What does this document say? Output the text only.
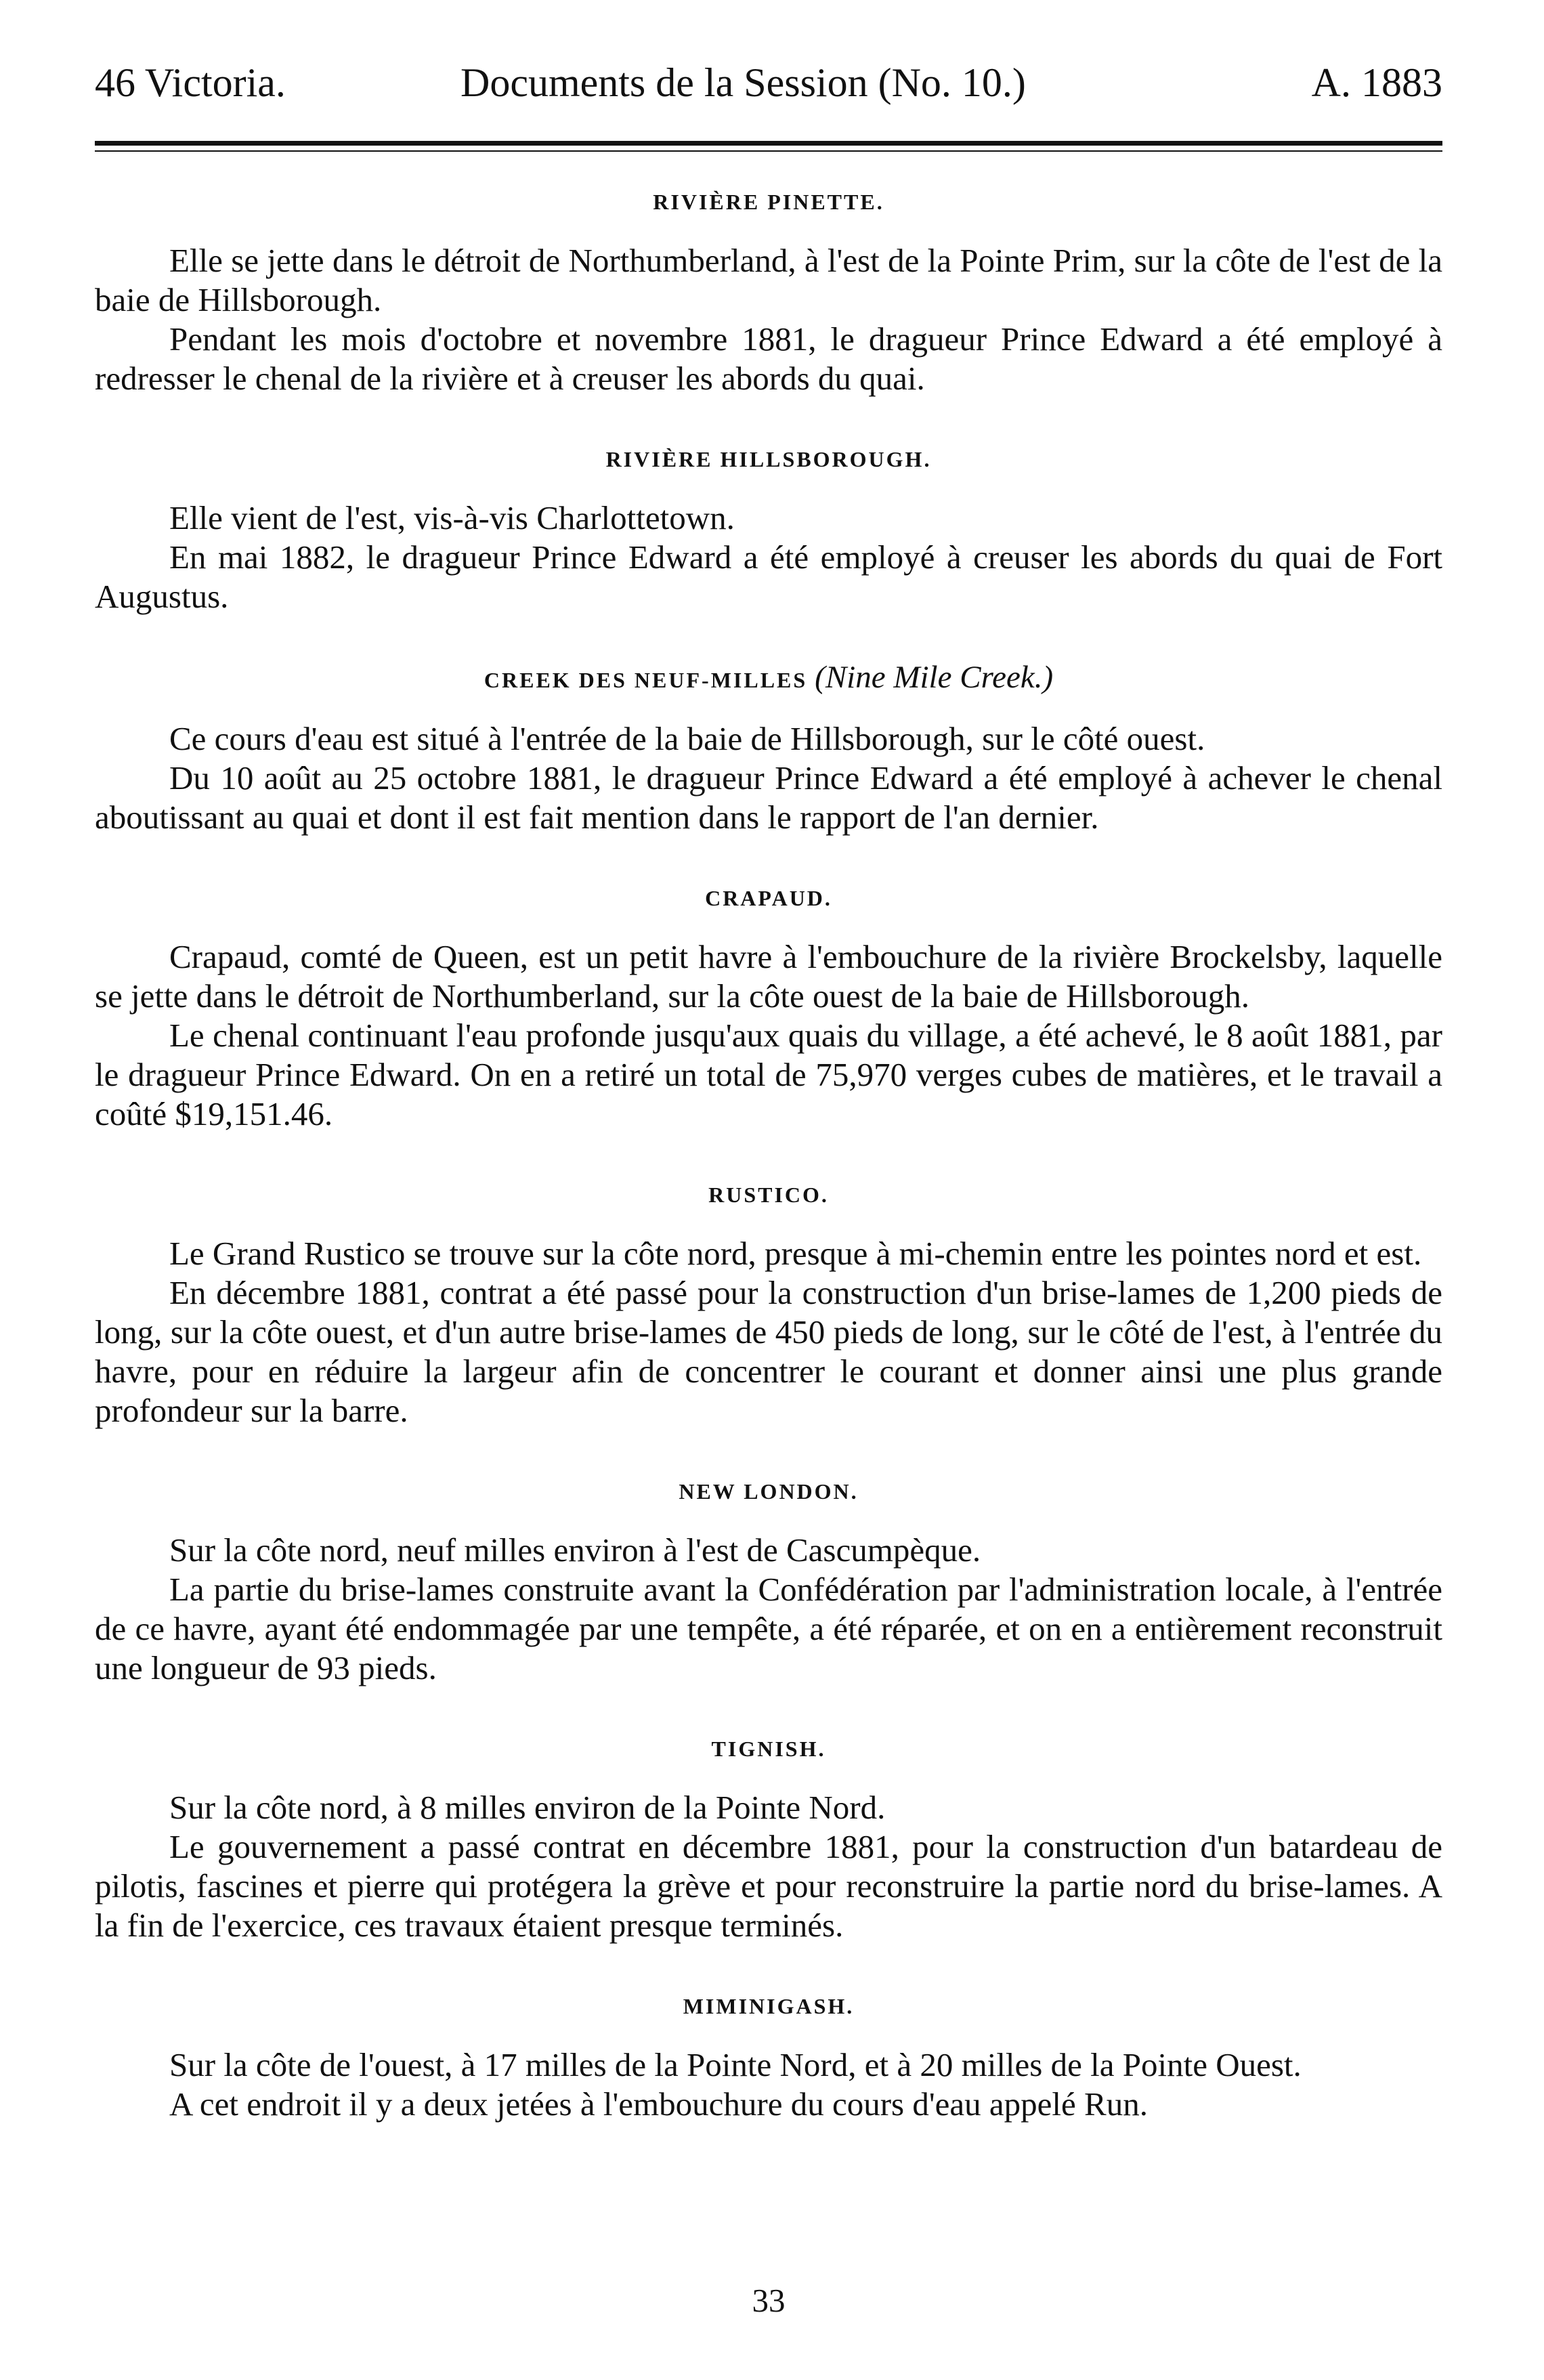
46 Victoria.	Documents de la Session (No. 10.)	A. 1883
RIVIÈRE PINETTE.

Elle se jette dans le détroit de Northumberland, à l'est de la Pointe Prim, sur la côte de l'est de la baie de Hillsborough.

Pendant les mois d'octobre et novembre 1881, le dragueur Prince Edward a été employé à redresser le chenal de la rivière et à creuser les abords du quai.

RIVIÈRE HILLSBOROUGH.

Elle vient de l'est, vis-à-vis Charlottetown.

En mai 1882, le dragueur Prince Edward a été employé à creuser les abords du quai de Fort Augustus.

CREEK DES NEUF-MILLES (Nine Mile Creek.)

Ce cours d'eau est situé à l'entrée de la baie de Hillsborough, sur le côté ouest.

Du 10 août au 25 octobre 1881, le dragueur Prince Edward a été employé à achever le chenal aboutissant au quai et dont il est fait mention dans le rapport de l'an dernier.

CRAPAUD.

Crapaud, comté de Queen, est un petit havre à l'embouchure de la rivière Brockelsby, laquelle se jette dans le détroit de Northumberland, sur la côte ouest de la baie de Hillsborough.

Le chenal continuant l'eau profonde jusqu'aux quais du village, a été achevé, le 8 août 1881, par le dragueur Prince Edward. On en a retiré un total de 75,970 verges cubes de matières, et le travail a coûté $19,151.46.

RUSTICO.

Le Grand Rustico se trouve sur la côte nord, presque à mi-chemin entre les pointes nord et est.

En décembre 1881, contrat a été passé pour la construction d'un brise-lames de 1,200 pieds de long, sur la côte ouest, et d'un autre brise-lames de 450 pieds de long, sur le côté de l'est, à l'entrée du havre, pour en réduire la largeur afin de concentrer le courant et donner ainsi une plus grande profondeur sur la barre.

NEW LONDON.

Sur la côte nord, neuf milles environ à l'est de Cascumpèque.

La partie du brise-lames construite avant la Confédération par l'administration locale, à l'entrée de ce havre, ayant été endommagée par une tempête, a été réparée, et on en a entièrement reconstruit une longueur de 93 pieds.

TIGNISH.

Sur la côte nord, à 8 milles environ de la Pointe Nord.

Le gouvernement a passé contrat en décembre 1881, pour la construction d'un batardeau de pilotis, fascines et pierre qui protégera la grève et pour reconstruire la partie nord du brise-lames. A la fin de l'exercice, ces travaux étaient presque terminés.

MIMINIGASH.

Sur la côte de l'ouest, à 17 milles de la Pointe Nord, et à 20 milles de la Pointe Ouest.

A cet endroit il y a deux jetées à l'embouchure du cours d'eau appelé Run.

33
